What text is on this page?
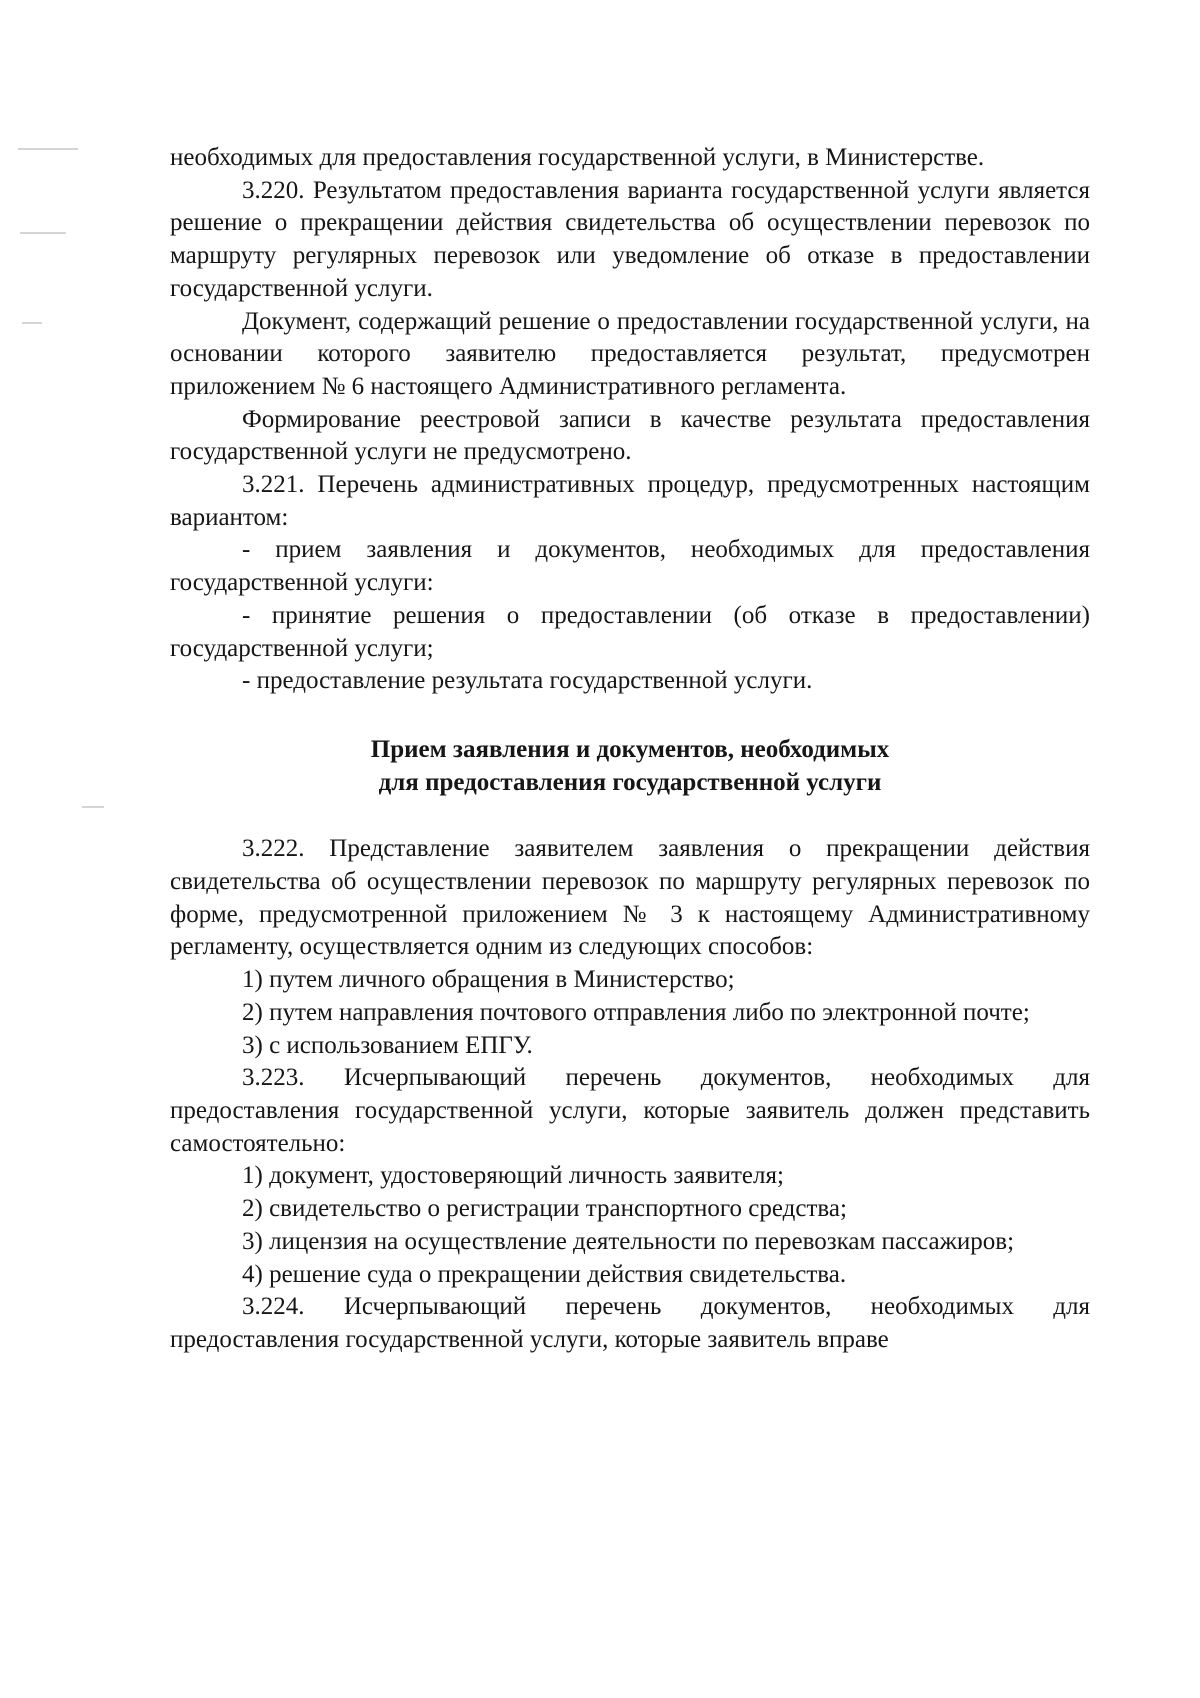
необходимых для предоставления государственной услуги, в Министерстве.

3.220. Результатом предоставления варианта государственной услуги является решение о прекращении действия свидетельства об осуществлении перевозок по маршруту регулярных перевозок или уведомление об отказе в предоставлении государственной услуги.

Документ, содержащий решение о предоставлении государственной услуги, на основании которого заявителю предоставляется результат, предусмотрен приложением № 6 настоящего Административного регламента.

Формирование реестровой записи в качестве результата предоставления государственной услуги не предусмотрено.

3.221. Перечень административных процедур, предусмотренных настоящим вариантом:

- прием заявления и документов, необходимых для предоставления государственной услуги:

- принятие решения о предоставлении (об отказе в предоставлении) государственной услуги;

- предоставление результата государственной услуги.

Прием заявления и документов, необходимых
для предоставления государственной услуги

3.222. Представление заявителем заявления о прекращении действия свидетельства об осуществлении перевозок по маршруту регулярных перевозок по форме, предусмотренной приложением № 3 к настоящему Административному регламенту, осуществляется одним из следующих способов:

1) путем личного обращения в Министерство;

2) путем направления почтового отправления либо по электронной почте;

3) с использованием ЕПГУ.

3.223. Исчерпывающий перечень документов, необходимых для предоставления государственной услуги, которые заявитель должен представить самостоятельно:

1) документ, удостоверяющий личность заявителя;

2) свидетельство о регистрации транспортного средства;

3) лицензия на осуществление деятельности по перевозкам пассажиров;

4) решение суда о прекращении действия свидетельства.

3.224. Исчерпывающий перечень документов, необходимых для предоставления государственной услуги, которые заявитель вправе
